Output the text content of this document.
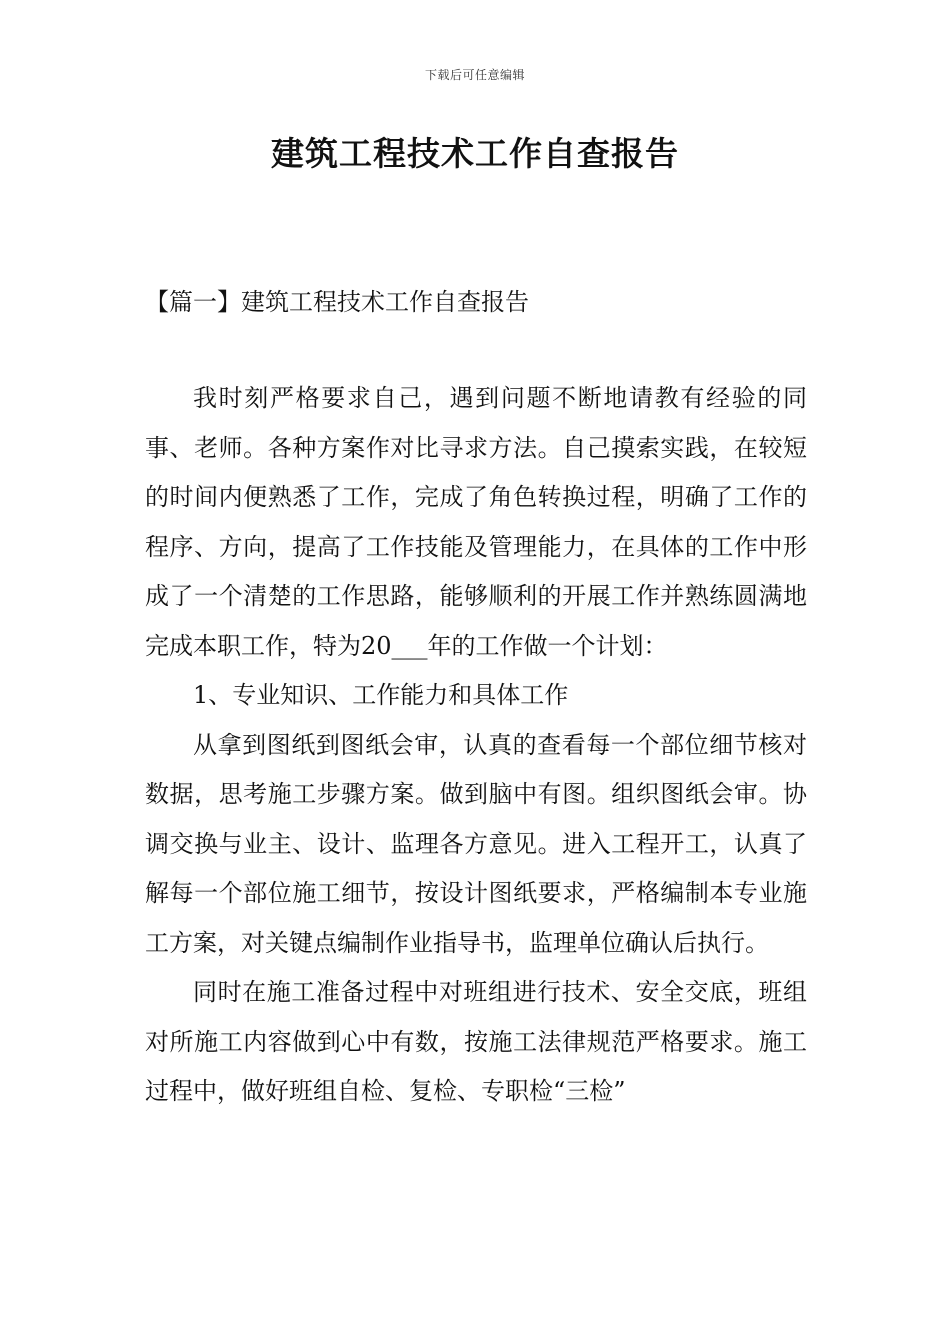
下载后可任意编辑
建筑工程技术工作自查报告
【篇一】建筑工程技术工作自查报告

我时刻严格要求自己，遇到问题不断地请教有经验的同事、老师。各种方案作对比寻求方法。自己摸索实践，在较短的时间内便熟悉了工作，完成了角色转换过程，明确了工作的程序、方向，提高了工作技能及管理能力，在具体的工作中形成了一个清楚的工作思路，能够顺利的开展工作并熟练圆满地完成本职工作，特为20___年的工作做一个计划：

1、专业知识、工作能力和具体工作

从拿到图纸到图纸会审，认真的查看每一个部位细节核对数据，思考施工步骤方案。做到脑中有图。组织图纸会审。协调交换与业主、设计、监理各方意见。进入工程开工，认真了解每一个部位施工细节，按设计图纸要求，严格编制本专业施工方案，对关键点编制作业指导书，监理单位确认后执行。

同时在施工准备过程中对班组进行技术、安全交底，班组对所施工内容做到心中有数，按施工法律规范严格要求。施工过程中，做好班组自检、复检、专职检“三检”
